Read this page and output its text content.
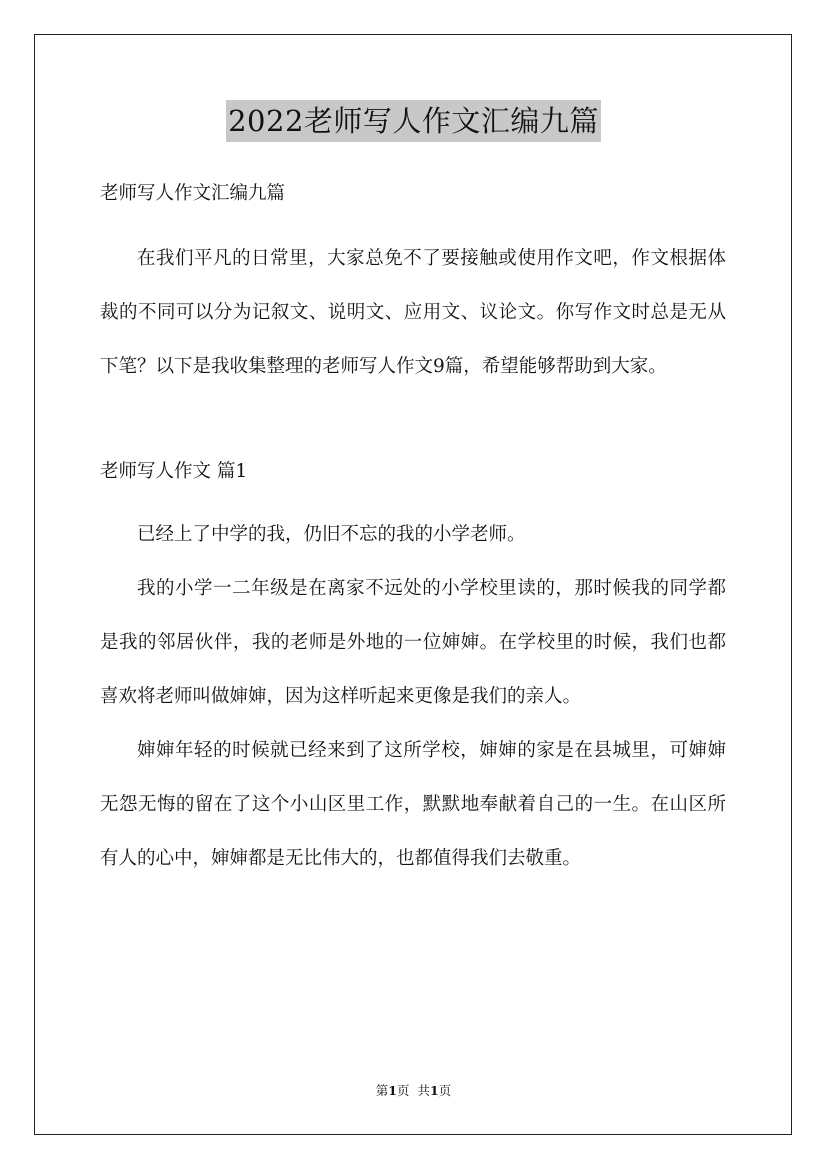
2022老师写人作文汇编九篇

老师写人作文汇编九篇

在我们平凡的日常里，大家总免不了要接触或使用作文吧，作文根据体裁的不同可以分为记叙文、说明文、应用文、议论文。你写作文时总是无从下笔？以下是我收集整理的老师写人作文9篇，希望能够帮助到大家。

老师写人作文 篇1

已经上了中学的我，仍旧不忘的我的小学老师。

我的小学一二年级是在离家不远处的小学校里读的，那时候我的同学都是我的邻居伙伴，我的老师是外地的一位婶婶。在学校里的时候，我们也都喜欢将老师叫做婶婶，因为这样听起来更像是我们的亲人。

婶婶年轻的时候就已经来到了这所学校，婶婶的家是在县城里，可婶婶无怨无悔的留在了这个小山区里工作，默默地奉献着自己的一生。在山区所有人的心中，婶婶都是无比伟大的，也都值得我们去敬重。

第1页 共1页
